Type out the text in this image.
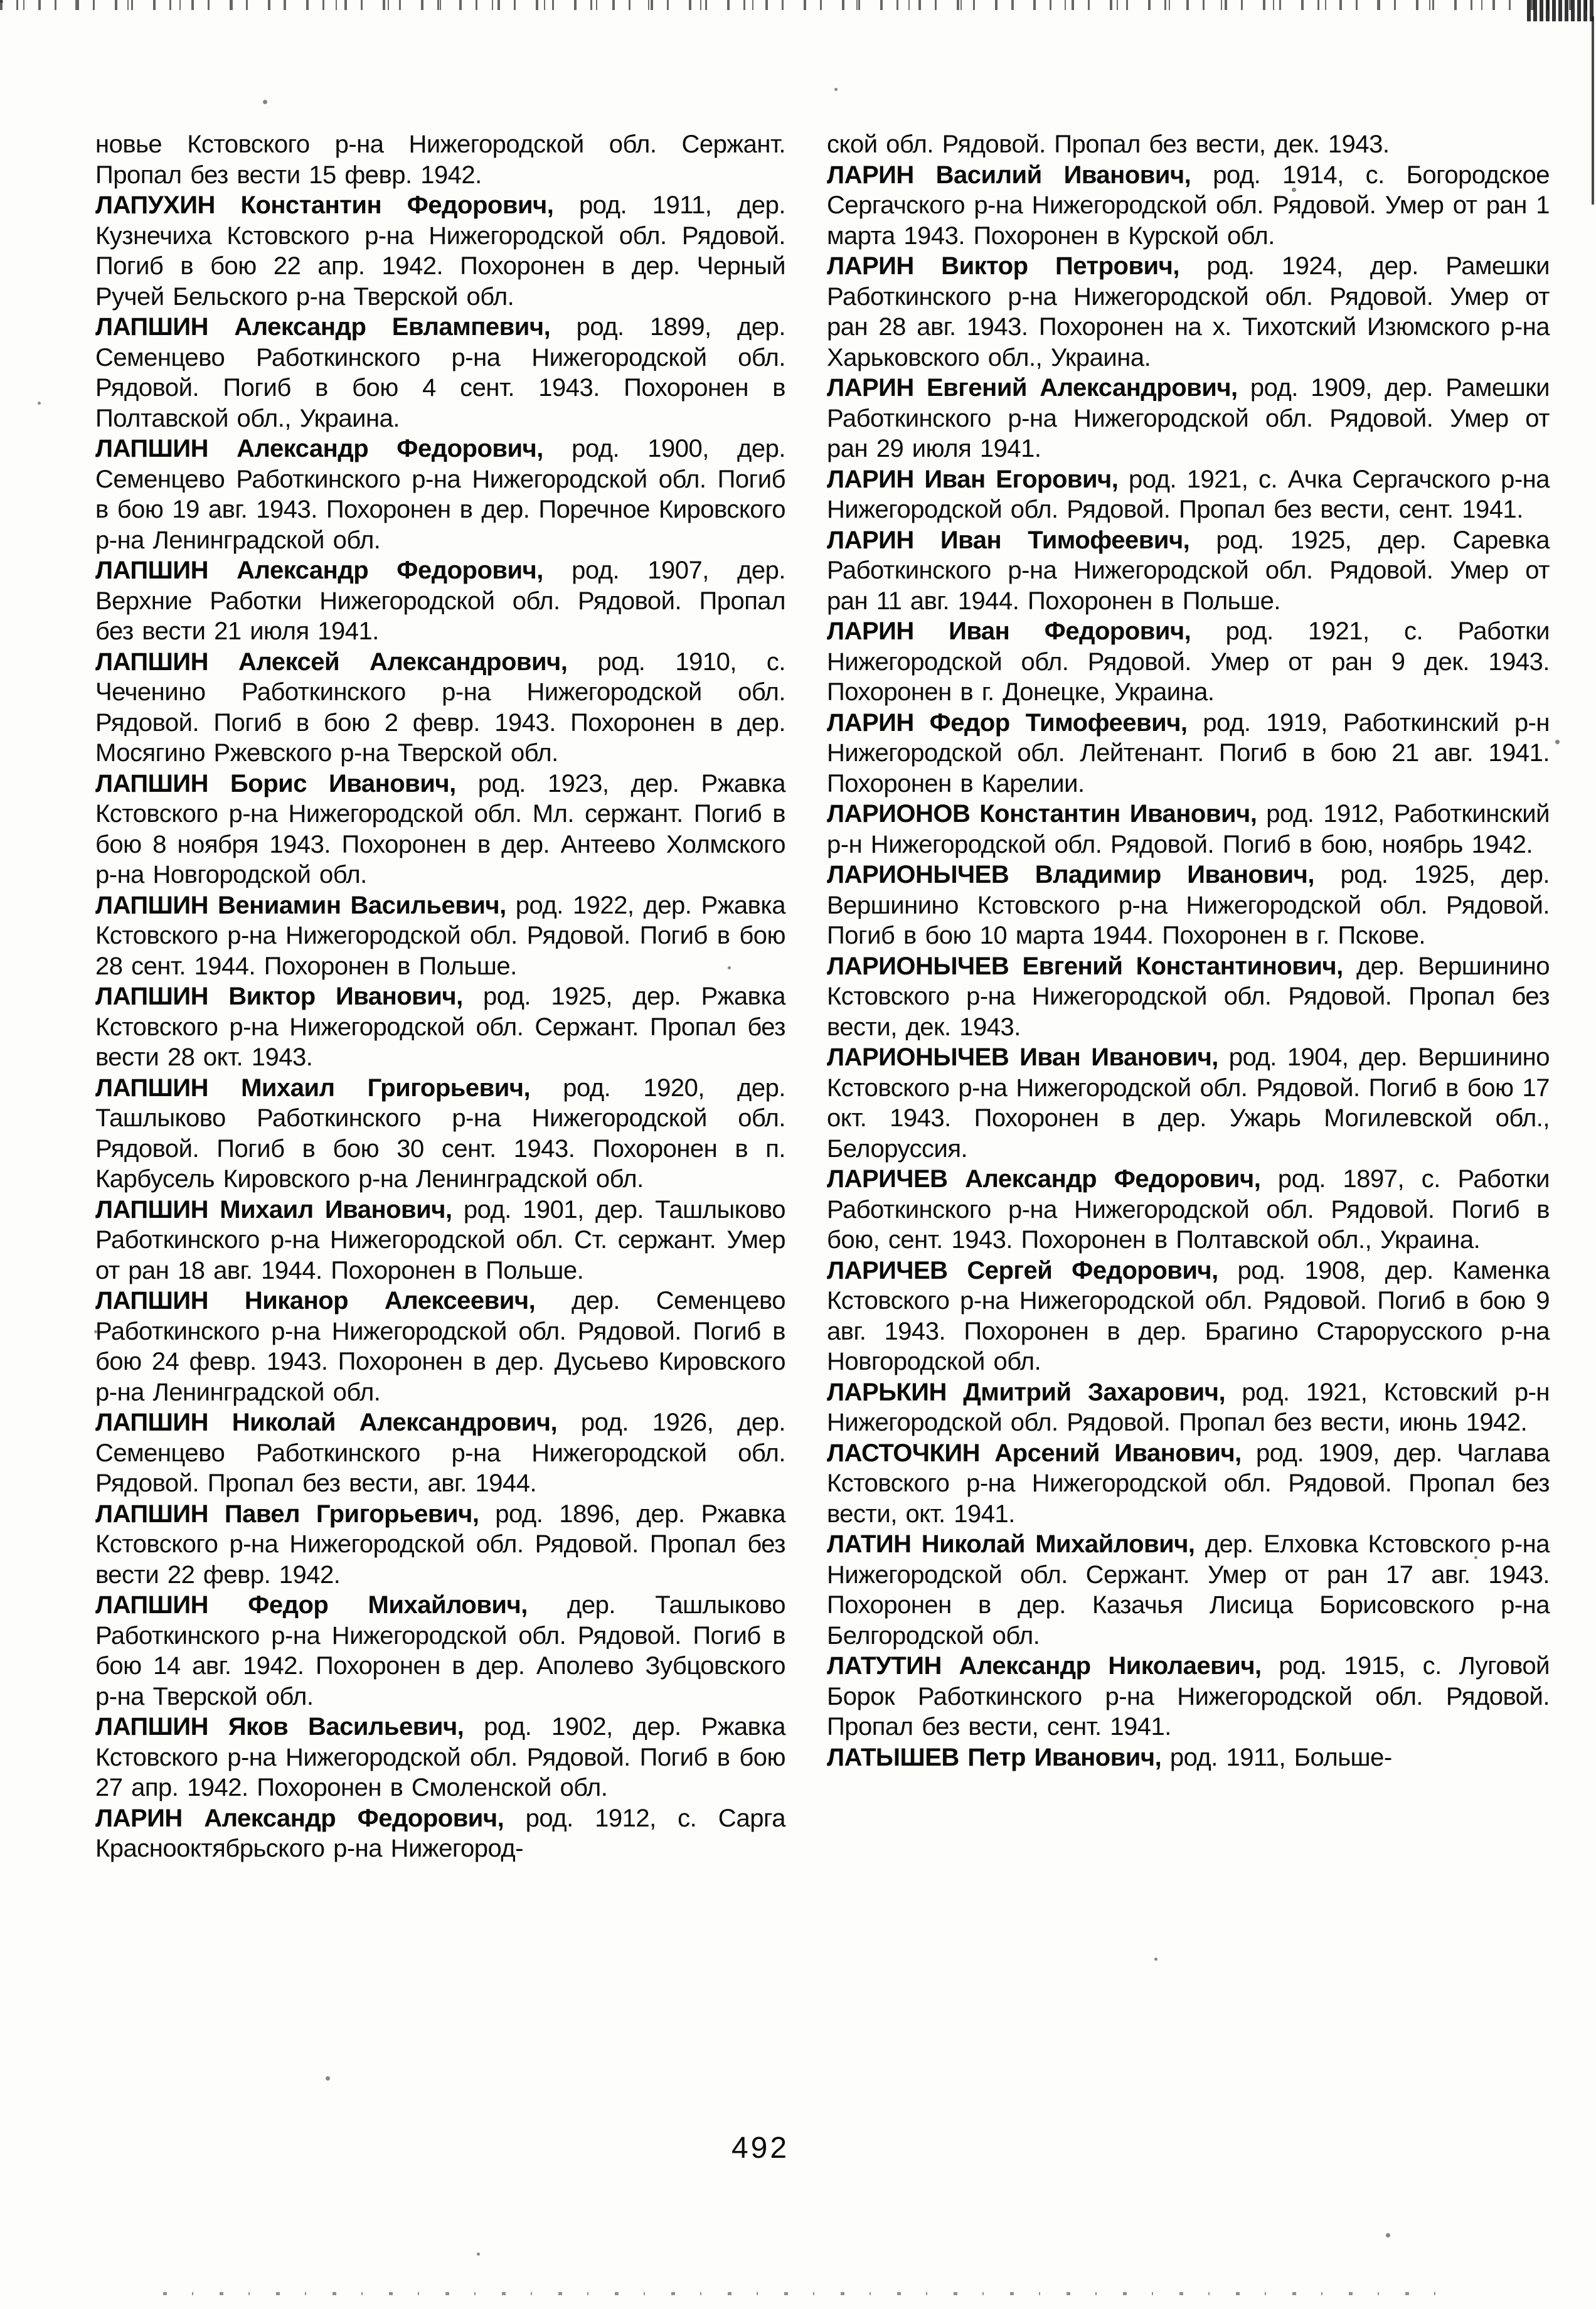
новье Кстовского р-на Нижегородской обл. Сержант. Пропал без вести 15 февр. 1942.

ЛАПУХИН Константин Федорович, род. 1911, дер. Кузнечиха Кстовского р-на Нижегородской обл. Рядовой. Погиб в бою 22 апр. 1942. Похоронен в дер. Черный Ручей Бельского р-на Тверской обл.

ЛАПШИН Александр Евлампевич, род. 1899, дер. Семенцево Работкинского р-на Нижегородской обл. Рядовой. Погиб в бою 4 сент. 1943. Похоронен в Полтавской обл., Украина.

ЛАПШИН Александр Федорович, род. 1900, дер. Семенцево Работкинского р-на Нижегородской обл. Погиб в бою 19 авг. 1943. Похоронен в дер. Поречное Кировского р-на Ленинградской обл.

ЛАПШИН Александр Федорович, род. 1907, дер. Верхние Работки Нижегородской обл. Рядовой. Пропал без вести 21 июля 1941.

ЛАПШИН Алексей Александрович, род. 1910, с. Чеченино Работкинского р-на Нижегородской обл. Рядовой. Погиб в бою 2 февр. 1943. Похоронен в дер. Мосягино Ржевского р-на Тверской обл.

ЛАПШИН Борис Иванович, род. 1923, дер. Ржавка Кстовского р-на Нижегородской обл. Мл. сержант. Погиб в бою 8 ноября 1943. Похоронен в дер. Антеево Холмского р-на Новгородской обл.

ЛАПШИН Вениамин Васильевич, род. 1922, дер. Ржавка Кстовского р-на Нижегородской обл. Рядовой. Погиб в бою 28 сент. 1944. Похоронен в Польше.

ЛАПШИН Виктор Иванович, род. 1925, дер. Ржавка Кстовского р-на Нижегородской обл. Сержант. Пропал без вести 28 окт. 1943.

ЛАПШИН Михаил Григорьевич, род. 1920, дер. Ташлыково Работкинского р-на Нижегородской обл. Рядовой. Погиб в бою 30 сент. 1943. Похоронен в п. Карбусель Кировского р-на Ленинградской обл.

ЛАПШИН Михаил Иванович, род. 1901, дер. Ташлыково Работкинского р-на Нижегородской обл. Ст. сержант. Умер от ран 18 авг. 1944. Похоронен в Польше.

ЛАПШИН Никанор Алексеевич, дер. Семенцево Работкинского р-на Нижегородской обл. Рядовой. Погиб в бою 24 февр. 1943. Похоронен в дер. Дусьево Кировского р-на Ленинградской обл.

ЛАПШИН Николай Александрович, род. 1926, дер. Семенцево Работкинского р-на Нижегородской обл. Рядовой. Пропал без вести, авг. 1944.

ЛАПШИН Павел Григорьевич, род. 1896, дер. Ржавка Кстовского р-на Нижегородской обл. Рядовой. Пропал без вести 22 февр. 1942.

ЛАПШИН Федор Михайлович, дер. Ташлыково Работкинского р-на Нижегородской обл. Рядовой. Погиб в бою 14 авг. 1942. Похоронен в дер. Аполево Зубцовского р-на Тверской обл.

ЛАПШИН Яков Васильевич, род. 1902, дер. Ржавка Кстовского р-на Нижегородской обл. Рядовой. Погиб в бою 27 апр. 1942. Похоронен в Смоленской обл.

ЛАРИН Александр Федорович, род. 1912, с. Сарга Краснооктябрьского р-на Нижегород-

ской обл. Рядовой. Пропал без вести, дек. 1943.

ЛАРИН Василий Иванович, род. 1914, с. Богородское Сергачского р-на Нижегородской обл. Рядовой. Умер от ран 1 марта 1943. Похоронен в Курской обл.

ЛАРИН Виктор Петрович, род. 1924, дер. Рамешки Работкинского р-на Нижегородской обл. Рядовой. Умер от ран 28 авг. 1943. Похоронен на х. Тихотский Изюмского р-на Харьковского обл., Украина.

ЛАРИН Евгений Александрович, род. 1909, дер. Рамешки Работкинского р-на Нижегородской обл. Рядовой. Умер от ран 29 июля 1941.

ЛАРИН Иван Егорович, род. 1921, с. Ачка Сергачского р-на Нижегородской обл. Рядовой. Пропал без вести, сент. 1941.

ЛАРИН Иван Тимофеевич, род. 1925, дер. Саревка Работкинского р-на Нижегородской обл. Рядовой. Умер от ран 11 авг. 1944. Похоронен в Польше.

ЛАРИН Иван Федорович, род. 1921, с. Работки Нижегородской обл. Рядовой. Умер от ран 9 дек. 1943. Похоронен в г. Донецке, Украина.

ЛАРИН Федор Тимофеевич, род. 1919, Работкинский р-н Нижегородской обл. Лейтенант. Погиб в бою 21 авг. 1941. Похоронен в Карелии.

ЛАРИОНОВ Константин Иванович, род. 1912, Работкинский р-н Нижегородской обл. Рядовой. Погиб в бою, ноябрь 1942.

ЛАРИОНЫЧЕВ Владимир Иванович, род. 1925, дер. Вершинино Кстовского р-на Нижегородской обл. Рядовой. Погиб в бою 10 марта 1944. Похоронен в г. Пскове.

ЛАРИОНЫЧЕВ Евгений Константинович, дер. Вершинино Кстовского р-на Нижегородской обл. Рядовой. Пропал без вести, дек. 1943.

ЛАРИОНЫЧЕВ Иван Иванович, род. 1904, дер. Вершинино Кстовского р-на Нижегородской обл. Рядовой. Погиб в бою 17 окт. 1943. Похоронен в дер. Ужарь Могилевской обл., Белоруссия.

ЛАРИЧЕВ Александр Федорович, род. 1897, с. Работки Работкинского р-на Нижегородской обл. Рядовой. Погиб в бою, сент. 1943. Похоронен в Полтавской обл., Украина.

ЛАРИЧЕВ Сергей Федорович, род. 1908, дер. Каменка Кстовского р-на Нижегородской обл. Рядовой. Погиб в бою 9 авг. 1943. Похоронен в дер. Брагино Старорусского р-на Новгородской обл.

ЛАРЬКИН Дмитрий Захарович, род. 1921, Кстовский р-н Нижегородской обл. Рядовой. Пропал без вести, июнь 1942.

ЛАСТОЧКИН Арсений Иванович, род. 1909, дер. Чаглава Кстовского р-на Нижегородской обл. Рядовой. Пропал без вести, окт. 1941.

ЛАТИН Николай Михайлович, дер. Елховка Кстовского р-на Нижегородской обл. Сержант. Умер от ран 17 авг. 1943. Похоронен в дер. Казачья Лисица Борисовского р-на Белгородской обл.

ЛАТУТИН Александр Николаевич, род. 1915, с. Луговой Борок Работкинского р-на Нижегородской обл. Рядовой. Пропал без вести, сент. 1941.

ЛАТЫШЕВ Петр Иванович, род. 1911, Больше-

492
